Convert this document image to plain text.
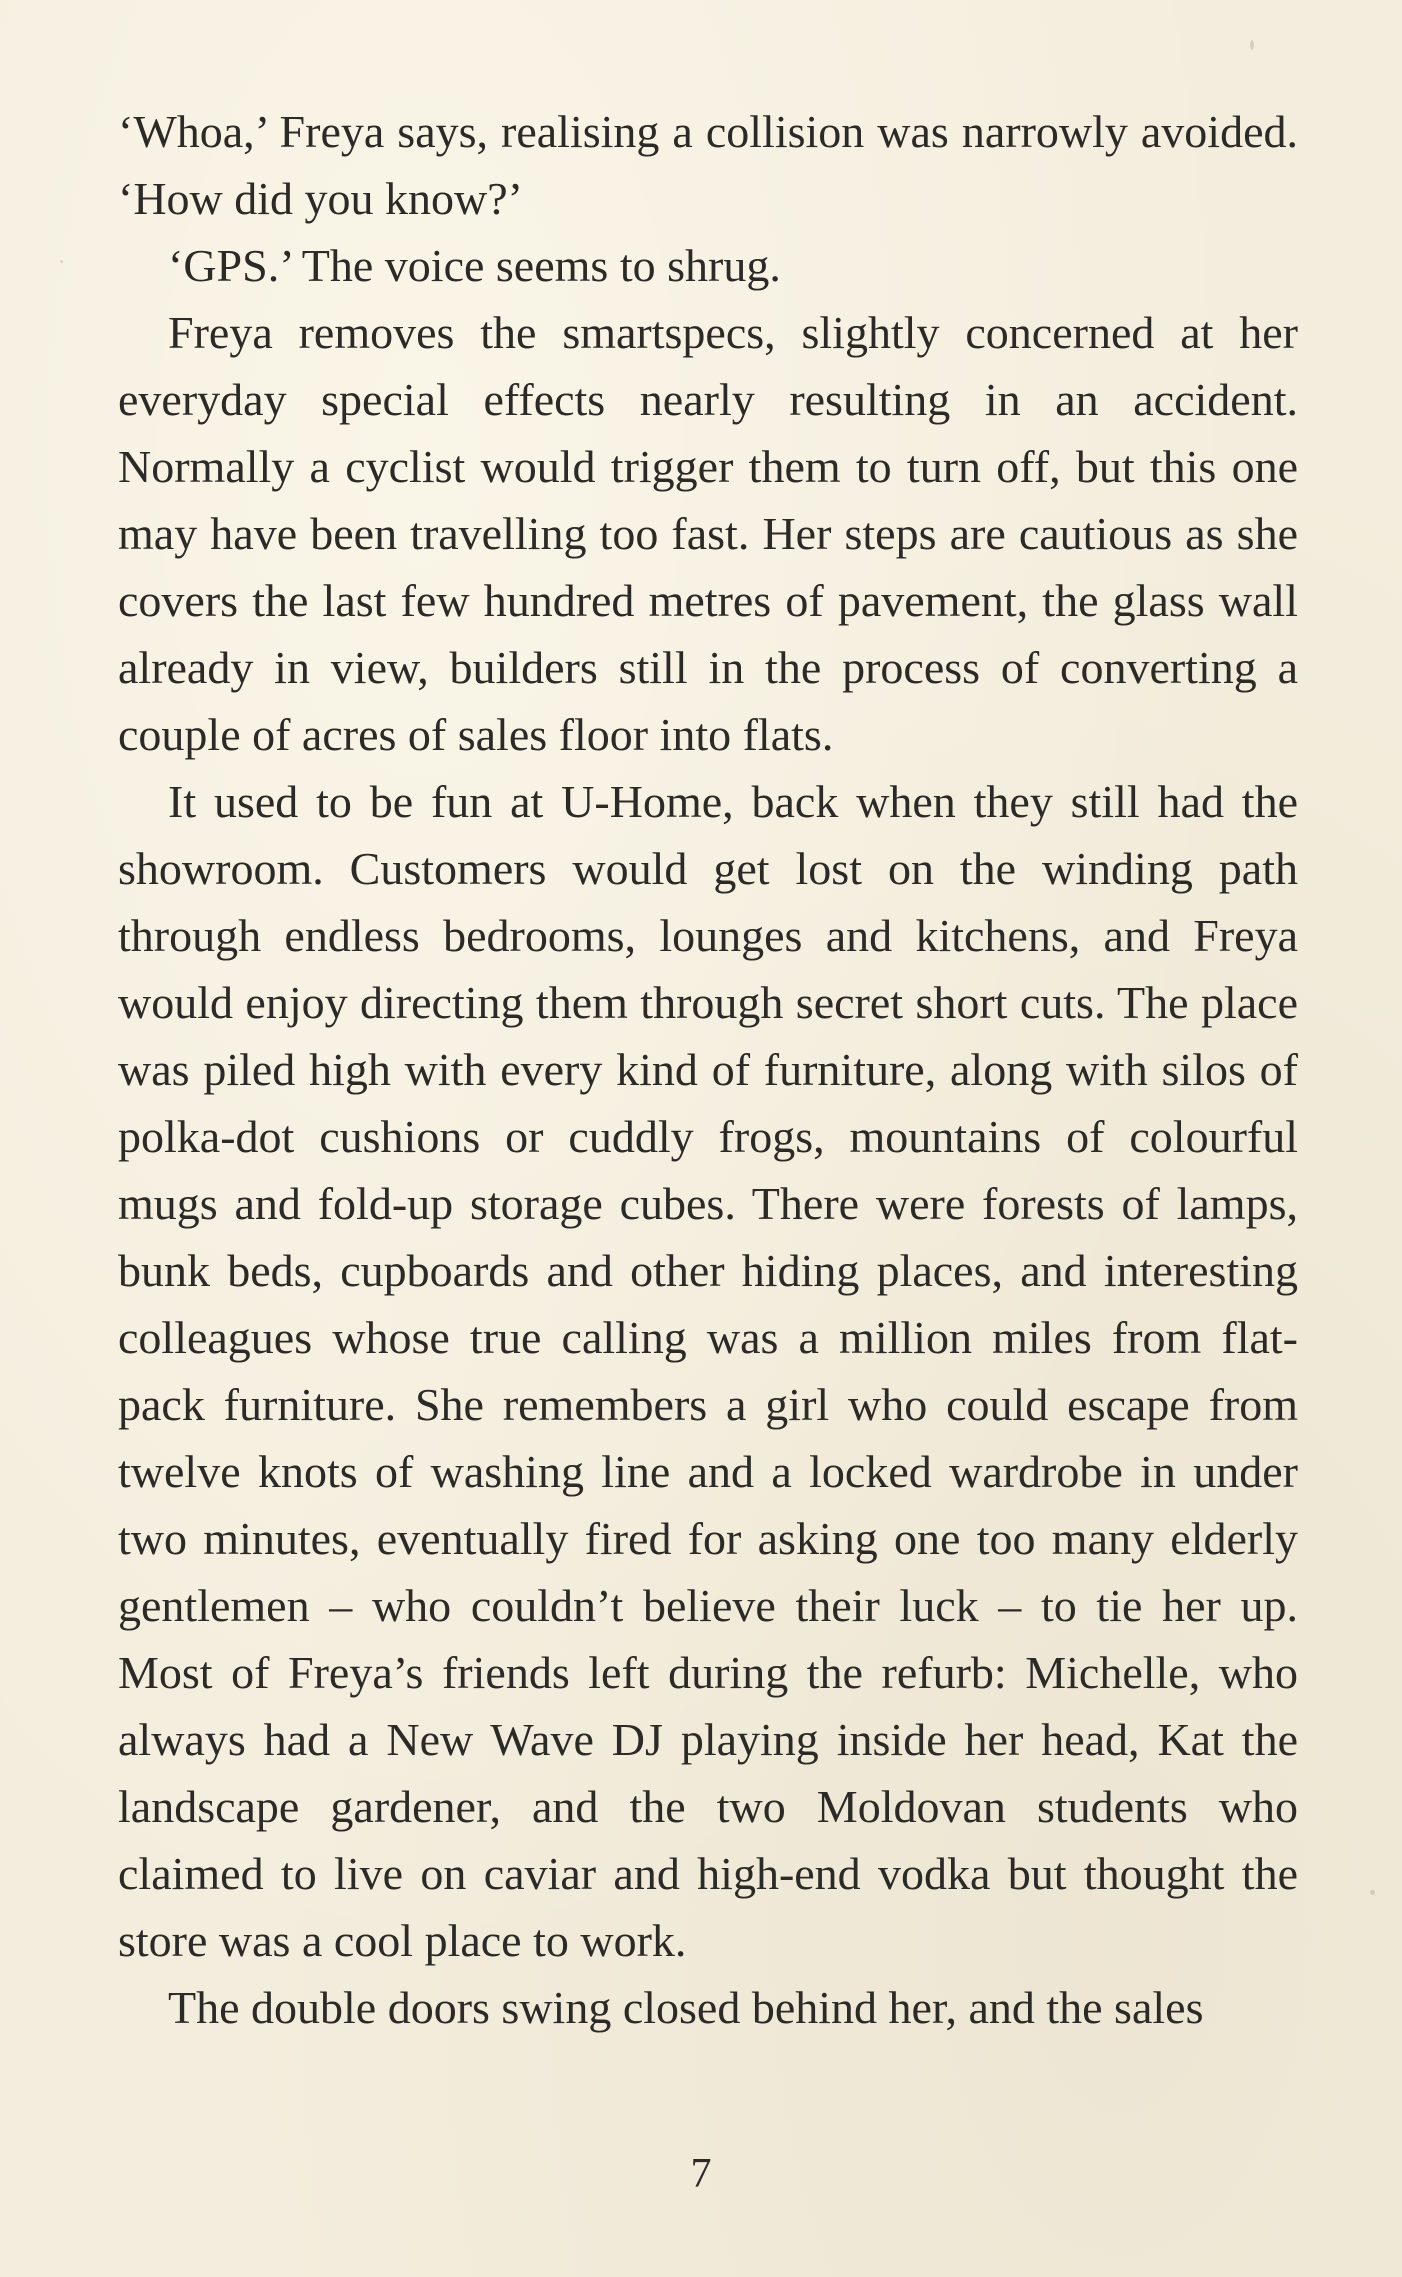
‘Whoa,’ Freya says, realising a collision was narrowly avoided. ‘How did you know?’

‘GPS.’ The voice seems to shrug.

Freya removes the smartspecs, slightly concerned at her everyday special effects nearly resulting in an accident. Normally a cyclist would trigger them to turn off, but this one may have been travelling too fast. Her steps are cautious as she covers the last few hundred metres of pavement, the glass wall already in view, builders still in the process of converting a couple of acres of sales floor into flats.

It used to be fun at U-Home, back when they still had the showroom. Customers would get lost on the winding path through endless bedrooms, lounges and kitchens, and Freya would enjoy directing them through secret short cuts. The place was piled high with every kind of furniture, along with silos of polka-dot cushions or cuddly frogs, mountains of colourful mugs and fold-up storage cubes. There were forests of lamps, bunk beds, cupboards and other hiding places, and interesting colleagues whose true calling was a million miles from flat-pack furniture. She remembers a girl who could escape from twelve knots of washing line and a locked wardrobe in under two minutes, eventually fired for asking one too many elderly gentlemen – who couldn’t believe their luck – to tie her up. Most of Freya’s friends left during the refurb: Michelle, who always had a New Wave DJ playing inside her head, Kat the landscape gardener, and the two Moldovan students who claimed to live on caviar and high-end vodka but thought the store was a cool place to work.

The double doors swing closed behind her, and the sales

7
